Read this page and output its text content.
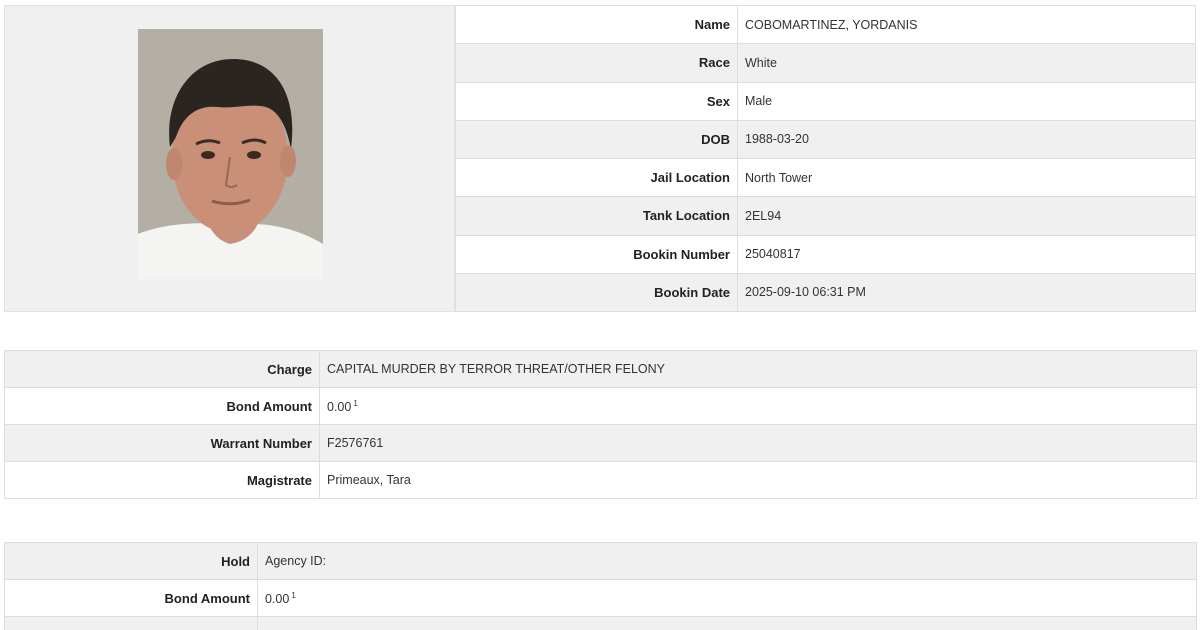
Name	COBOMARTINEZ, YORDANIS
Race	White
Sex	Male
DOB	1988-03-20
Jail Location	North Tower
Tank Location	2EL94
Bookin Number	25040817
Bookin Date	2025-09-10 06:31 PM
Charge	CAPITAL MURDER BY TERROR THREAT/OTHER FELONY
Bond Amount	0.00 $^1$
Warrant Number	F2576761
Magistrate	Primeaux, Tara
Hold	Agency ID:
Bond Amount	0.00 $^1$
